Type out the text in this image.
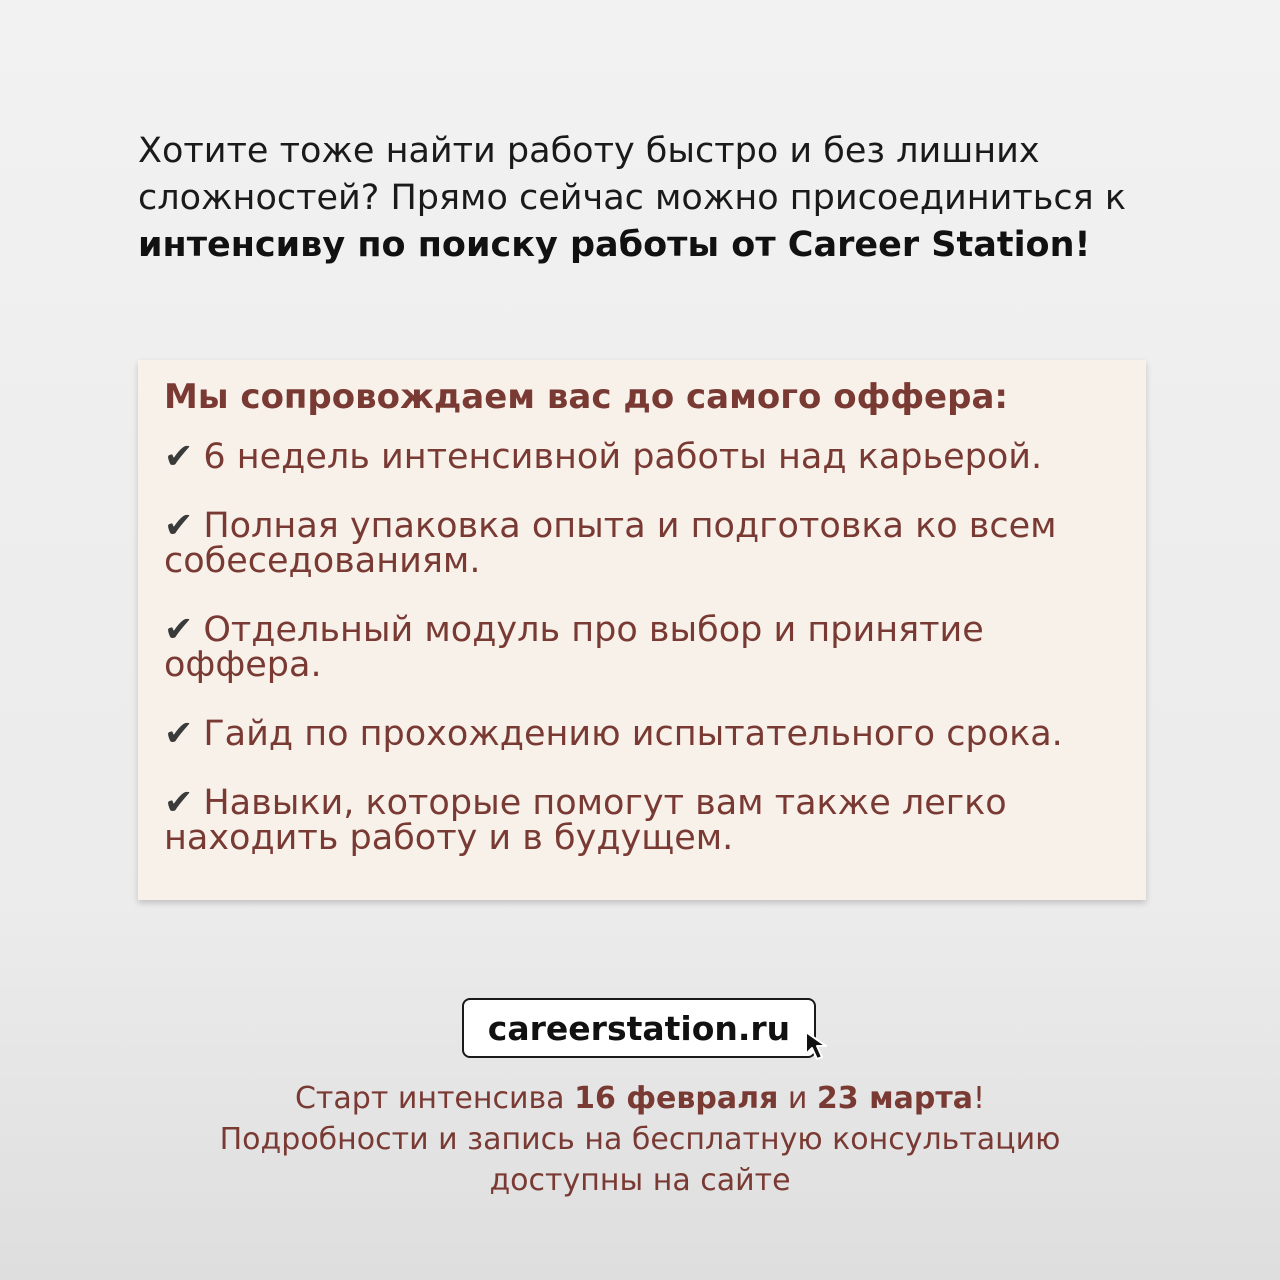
Хотите тоже найти работу быстро и без лишних сложностей? Прямо сейчас можно присоединиться к интенсиву по поиску работы от Career Station!
Мы сопровождаем вас до самого оффера:
✔ 6 недель интенсивной работы над карьерой.
✔ Полная упаковка опыта и подготовка ко всем собеседованиям.
✔ Отдельный модуль про выбор и принятие оффера.
✔ Гайд по прохождению испытательного срока.
✔ Навыки, которые помогут вам также легко находить работу и в будущем.
careerstation.ru
Старт интенсива 16 февраля и 23 марта!
Подробности и запись на бесплатную консультацию
доступны на сайте
